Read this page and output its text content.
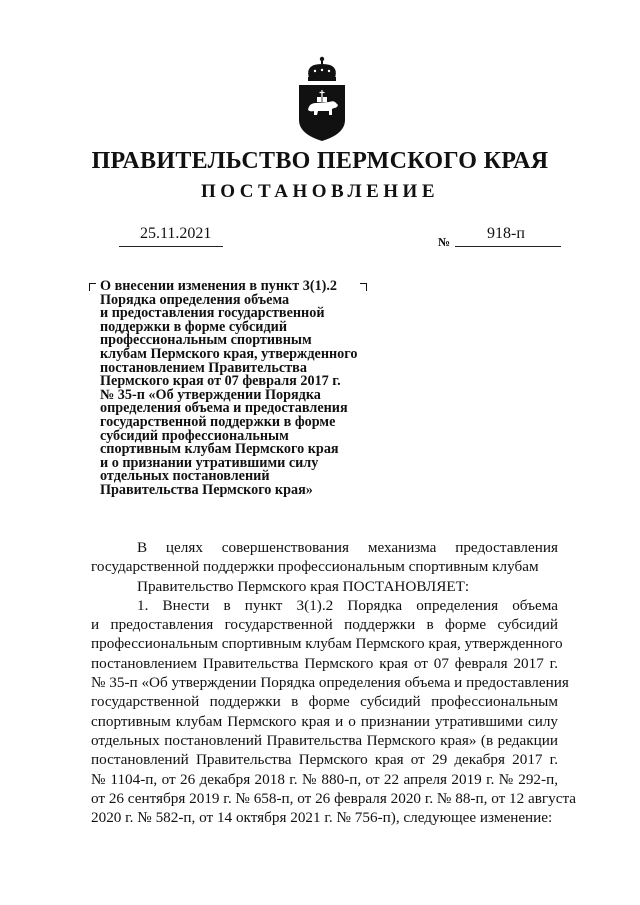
ПРАВИТЕЛЬСТВО ПЕРМСКОГО КРАЯ
ПОСТАНОВЛЕНИЕ
25.11.2021	№ 918-п
О внесении изменения в пункт 3(1).2
Порядка определения объема
и предоставления государственной
поддержки в форме субсидий
профессиональным спортивным
клубам Пермского края, утвержденного
постановлением Правительства
Пермского края от 07 февраля 2017 г.
№ 35-п «Об утверждении Порядка
определения объема и предоставления
государственной поддержки в форме
субсидий профессиональным
спортивным клубам Пермского края
и о признании утратившими силу
отдельных постановлений
Правительства Пермского края»
В целях совершенствования механизма предоставления
государственной поддержки профессиональным спортивным клубам
Правительство Пермского края ПОСТАНОВЛЯЕТ:
1. Внести в пункт 3(1).2 Порядка определения объема
и предоставления государственной поддержки в форме субсидий
профессиональным спортивным клубам Пермского края, утвержденного
постановлением Правительства Пермского края от 07 февраля 2017 г.
№ 35-п «Об утверждении Порядка определения объема и предоставления
государственной поддержки в форме субсидий профессиональным
спортивным клубам Пермского края и о признании утратившими силу
отдельных постановлений Правительства Пермского края» (в редакции
постановлений Правительства Пермского края от 29 декабря 2017 г.
№ 1104-п, от 26 декабря 2018 г. № 880-п, от 22 апреля 2019 г. № 292-п,
от 26 сентября 2019 г. № 658-п, от 26 февраля 2020 г. № 88-п, от 12 августа
2020 г. № 582-п, от 14 октября 2021 г. № 756-п), следующее изменение:
